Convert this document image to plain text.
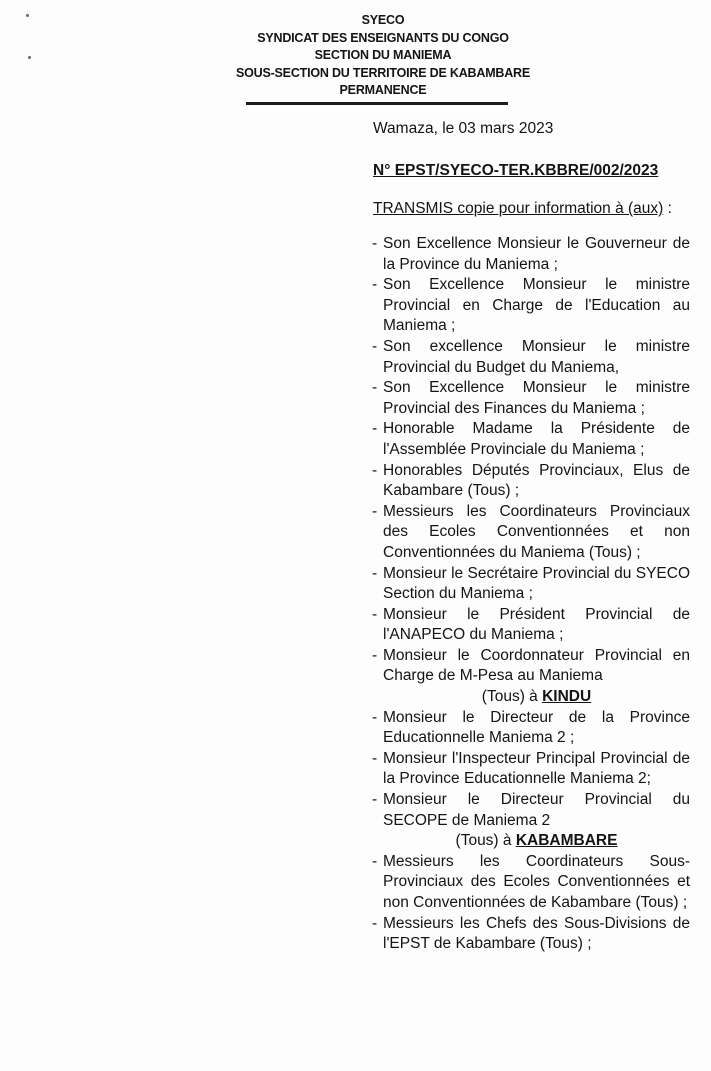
SYECO
SYNDICAT DES ENSEIGNANTS DU CONGO
SECTION DU MANIEMA
SOUS-SECTION DU TERRITOIRE DE KABAMBARE
PERMANENCE
Wamaza, le 03 mars 2023
N° EPST/SYECO-TER.KBBRE/002/2023
TRANSMIS copie pour information à (aux) :
- Son Excellence Monsieur le Gouverneur de la Province du Maniema ;
- Son Excellence Monsieur le ministre Provincial en Charge de l'Education au Maniema ;
- Son excellence Monsieur le ministre Provincial du Budget du Maniema,
- Son Excellence Monsieur le ministre Provincial des Finances du Maniema ;
- Honorable Madame la Présidente de l'Assemblée Provinciale du Maniema ;
- Honorables Députés Provinciaux, Elus de Kabambare (Tous) ;
- Messieurs les Coordinateurs Provinciaux des Ecoles Conventionnées et non Conventionnées du Maniema (Tous) ;
- Monsieur le Secrétaire Provincial du SYECO Section du Maniema ;
- Monsieur le Président Provincial de l'ANAPECO du Maniema ;
- Monsieur le Coordonnateur Provincial en Charge de M-Pesa au Maniema
(Tous) à KINDU
- Monsieur le Directeur de la Province Educationnelle Maniema 2 ;
- Monsieur l'Inspecteur Principal Provincial de la Province Educationnelle Maniema 2;
- Monsieur le Directeur Provincial du SECOPE de Maniema 2
(Tous) à KABAMBARE
- Messieurs les Coordinateurs Sous-Provinciaux des Ecoles Conventionnées et non Conventionnées de Kabambare (Tous) ;
- Messieurs les Chefs des Sous-Divisions de l'EPST de Kabambare (Tous) ;
